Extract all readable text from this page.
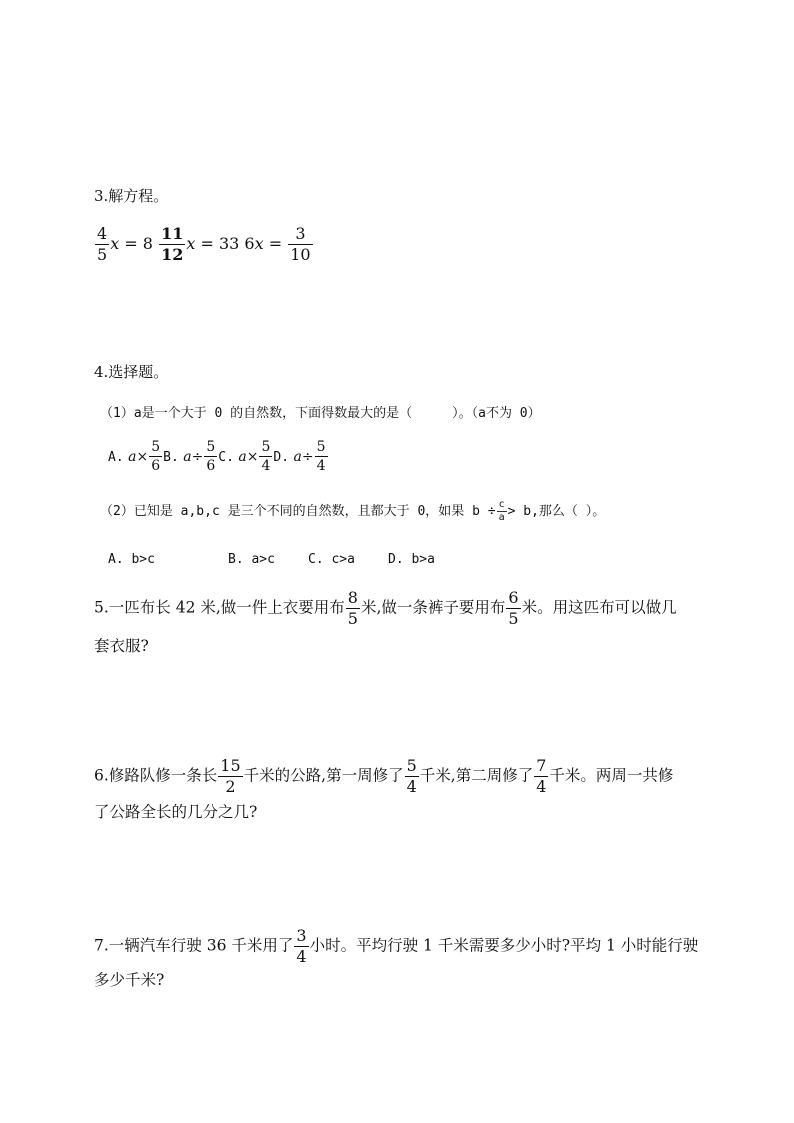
3.解方程。
$\frac{4}{5}$ $x = 8 \frac{11}{12}$ x = 33 $6x = \frac{3}{10}$
4.选择题。
（1）a是一个大于 0 的自然数，下面得数最大的是（	）。（a不为 0）
A. $a\times \frac{5}{6} B$. $a\div \frac{5}{6} C$. $a\times \frac{5}{4} D$. $a\div \frac{5}{4}$
（2）已知是 a,b,c 是三个不同的自然数，且都大于 0，如果 $b \div \frac{c}{a} > b$,那么（ ）。
A. b>c	B. a>c	C. c>a	D. b>a
5.一匹布长 42 米,做一件上衣要用布 $\frac{8}{5}$ 米,做一条裤子要用布 $\frac{6}{5}$ 米。用这匹布可以做几
套衣服?
6.修路队修一条长 $\frac{15}{2}$ 千米的公路,第一周修了 $\frac{5}{4}$ 千米,第二周修了 $\frac{7}{4}$ 千米。两周一共修
了公路全长的几分之几?
7.一辆汽车行驶 36 千米用了 $\frac{3}{4}$ 小时。平均行驶 1 千米需要多少小时?平均 1 小时能行驶
多少千米?
